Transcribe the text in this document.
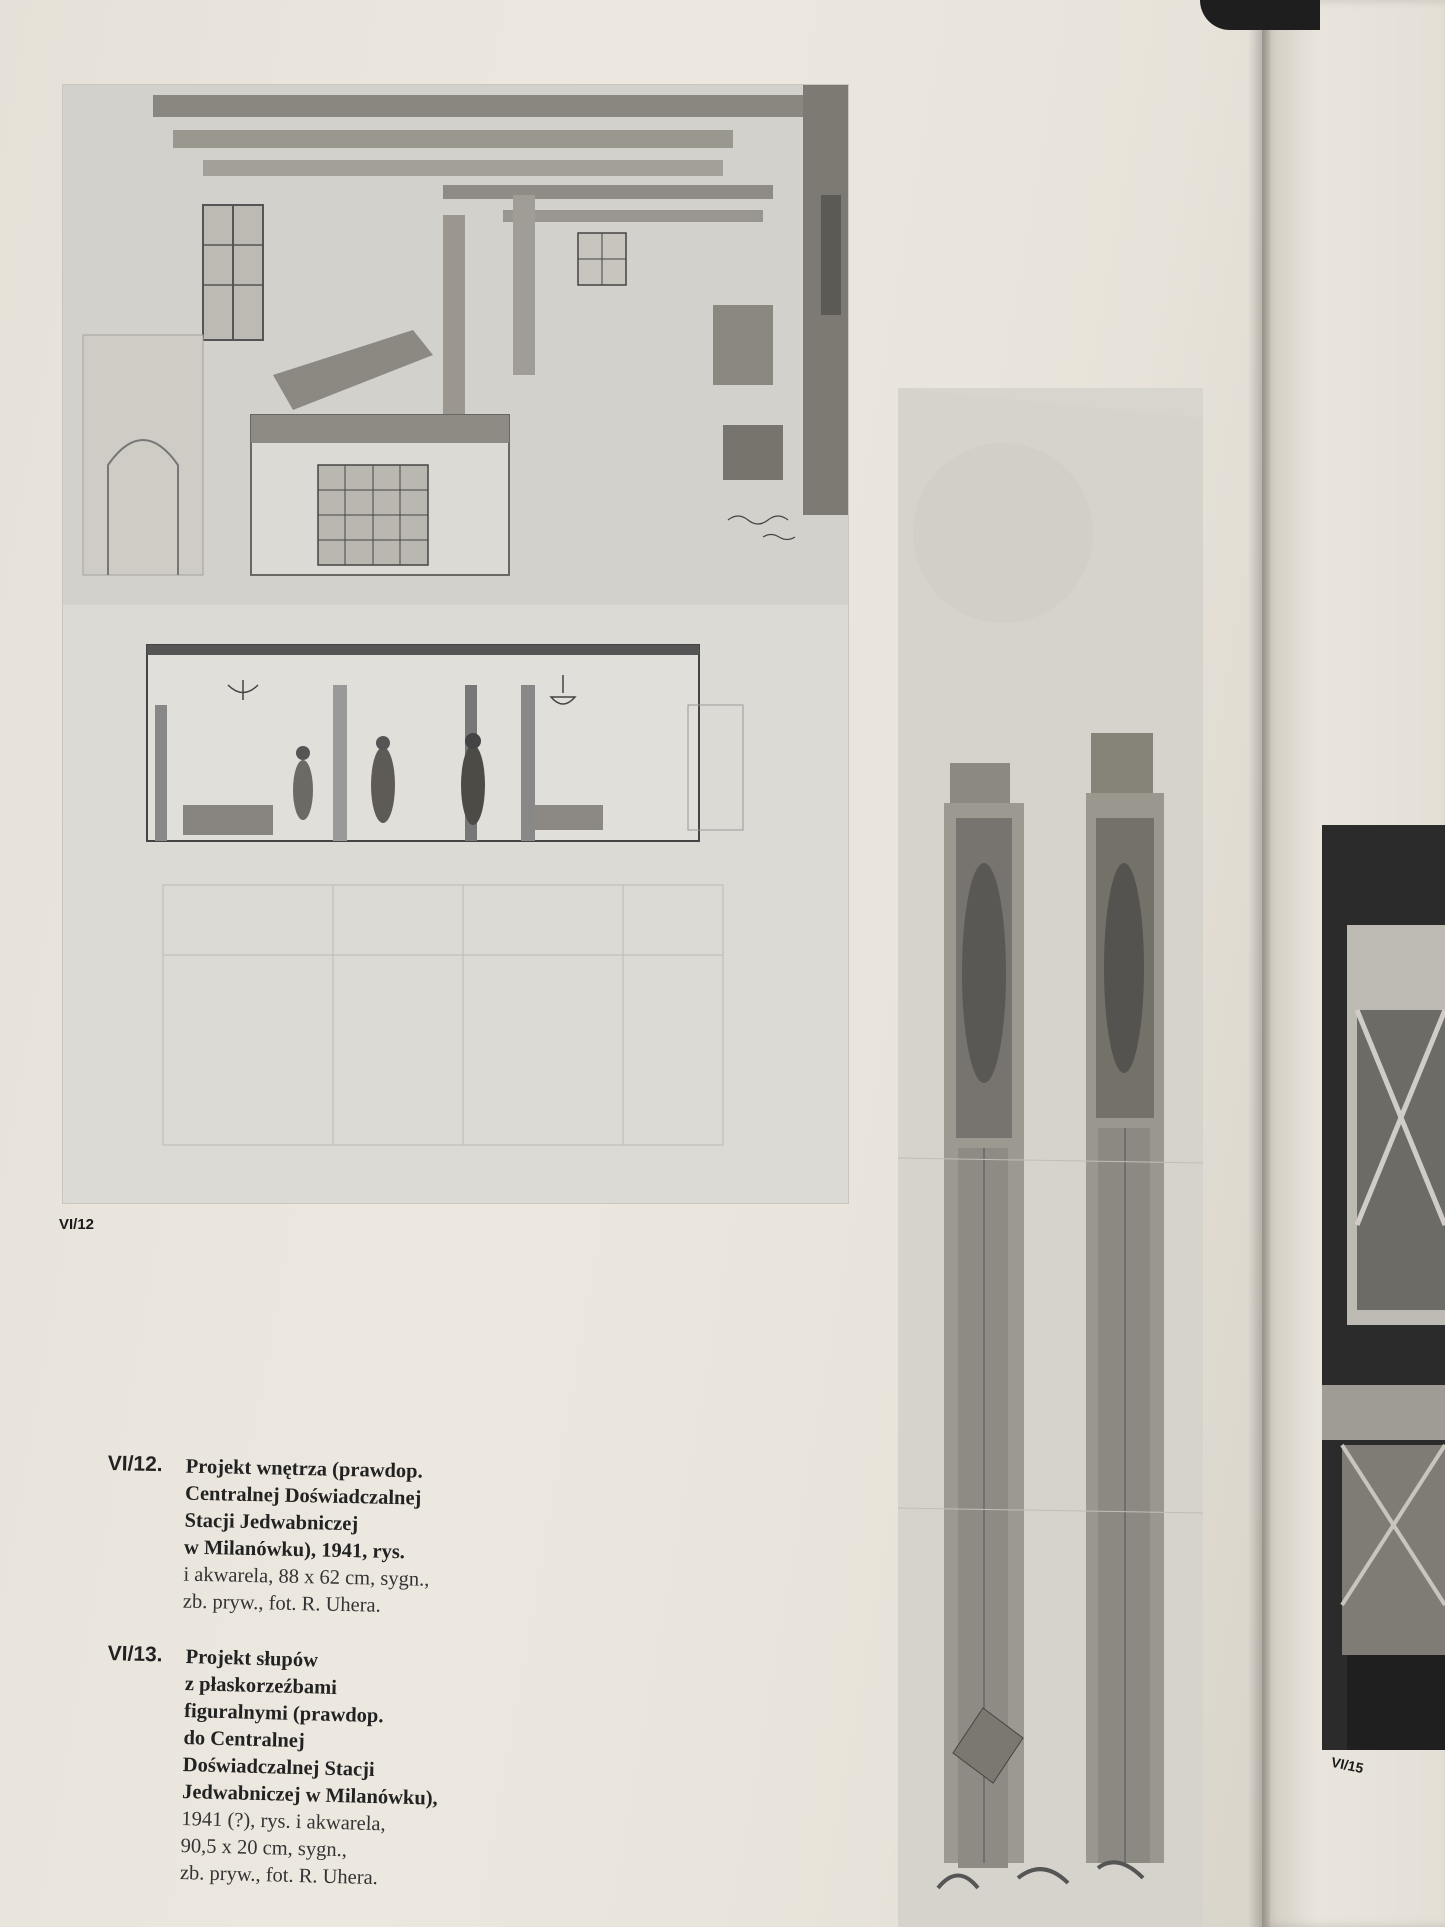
VI/12
VI/15
VI/12. Projekt wnętrza (prawdop.
Centralnej Doświadczalnej
Stacji Jedwabniczej
w Milanówku), 1941, rys.
i akwarela, 88 x 62 cm, sygn.,
zb. pryw., fot. R. Uhera.
VI/13. Projekt słupów
z płaskorzeźbami
figuralnymi (prawdop.
do Centralnej
Doświadczalnej Stacji
Jedwabniczej w Milanówku),
1941 (?), rys. i akwarela,
90,5 x 20 cm, sygn.,
zb. pryw., fot. R. Uhera.
